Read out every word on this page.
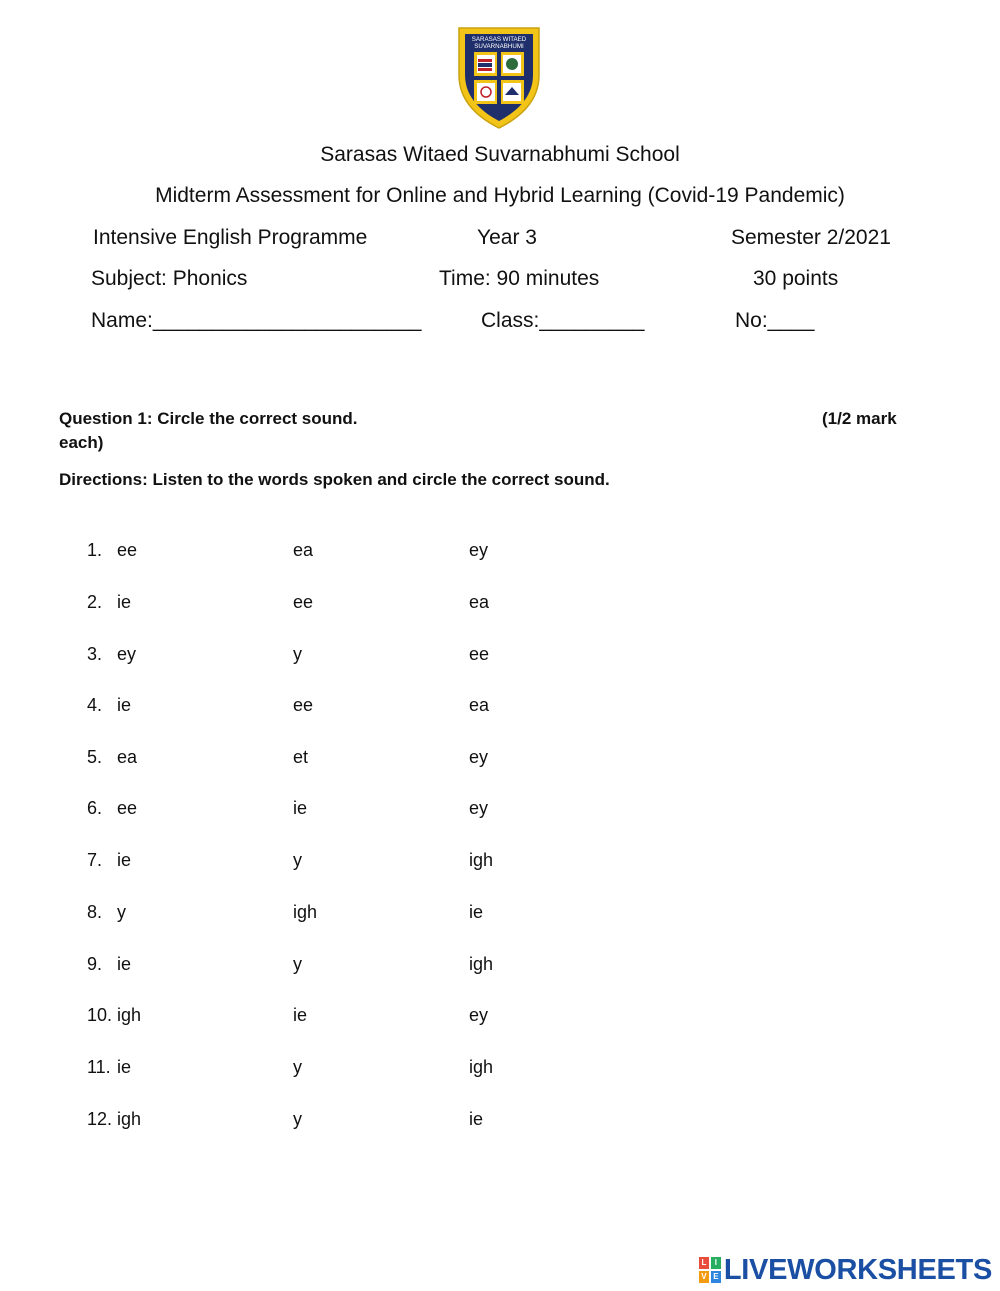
SARASAS WITAED
SUVARNABHUMI
Sarasas Witaed Suvarnabhumi School
Midterm Assessment for Online and Hybrid Learning (Covid-19 Pandemic)
Intensive English Programme	Year 3	Semester 2/2021
Subject: Phonics	Time: 90 minutes	30 points
Name:_______________________	Class:_________	No:____
Question 1: Circle the correct sound.	(1/2 mark
each)
Directions: Listen to the words spoken and circle the correct sound.
1. ee	ea	ey
2. ie	ee	ea
3. ey	y	ee
4. ie	ee	ea
5. ea	et	ey
6. ee	ie	ey
7. ie	y	igh
8. y	igh	ie
9. ie	y	igh
10. igh	ie	ey
11. ie	y	igh
12. igh	y	ie
L	I
V E LIVEWORKSHEETS
